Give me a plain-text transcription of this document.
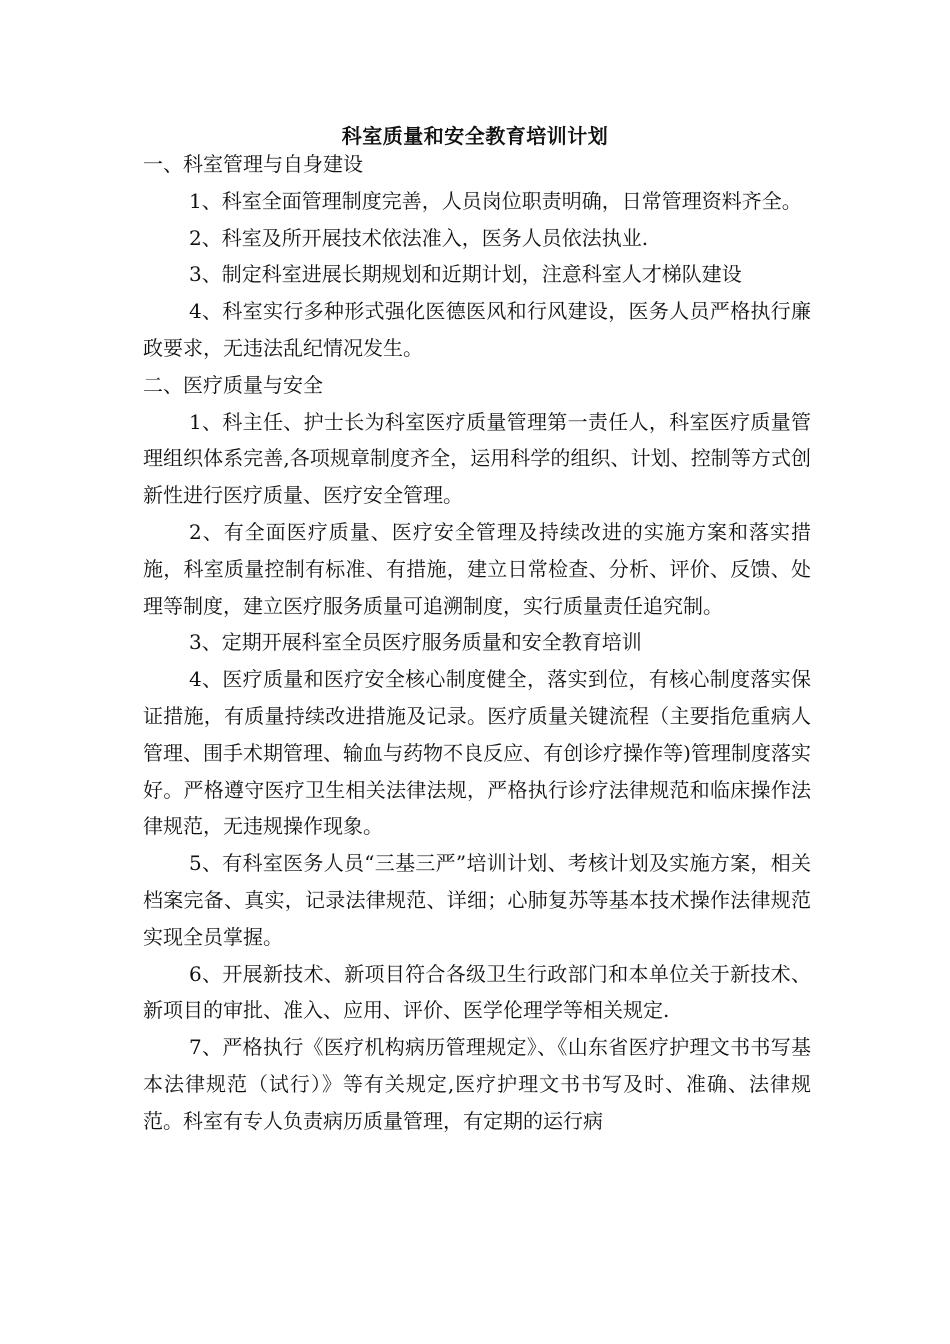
科室质量和安全教育培训计划

一、科室管理与自身建设

1、科室全面管理制度完善，人员岗位职责明确，日常管理资料齐全。

2、科室及所开展技术依法准入，医务人员依法执业.

3、制定科室进展长期规划和近期计划，注意科室人才梯队建设

4、科室实行多种形式强化医德医风和行风建设，医务人员严格执行廉政要求，无违法乱纪情况发生。

二、医疗质量与安全

1、科主任、护士长为科室医疗质量管理第一责任人，科室医疗质量管理组织体系完善,各项规章制度齐全，运用科学的组织、计划、控制等方式创新性进行医疗质量、医疗安全管理。

2、有全面医疗质量、医疗安全管理及持续改进的实施方案和落实措施，科室质量控制有标准、有措施，建立日常检查、分析、评价、反馈、处理等制度，建立医疗服务质量可追溯制度，实行质量责任追究制。

3、定期开展科室全员医疗服务质量和安全教育培训

4、医疗质量和医疗安全核心制度健全，落实到位，有核心制度落实保证措施，有质量持续改进措施及记录。医疗质量关键流程（主要指危重病人管理、围手术期管理、输血与药物不良反应、有创诊疗操作等)管理制度落实好。严格遵守医疗卫生相关法律法规，严格执行诊疗法律规范和临床操作法律规范，无违规操作现象。

5、有科室医务人员“三基三严”培训计划、考核计划及实施方案，相关档案完备、真实，记录法律规范、详细；心肺复苏等基本技术操作法律规范实现全员掌握。

6、开展新技术、新项目符合各级卫生行政部门和本单位关于新技术、新项目的审批、准入、应用、评价、医学伦理学等相关规定.

7、严格执行《医疗机构病历管理规定》、《山东省医疗护理文书书写基本法律规范（试行）》等有关规定,医疗护理文书书写及时、准确、法律规范。科室有专人负责病历质量管理，有定期的运行病
